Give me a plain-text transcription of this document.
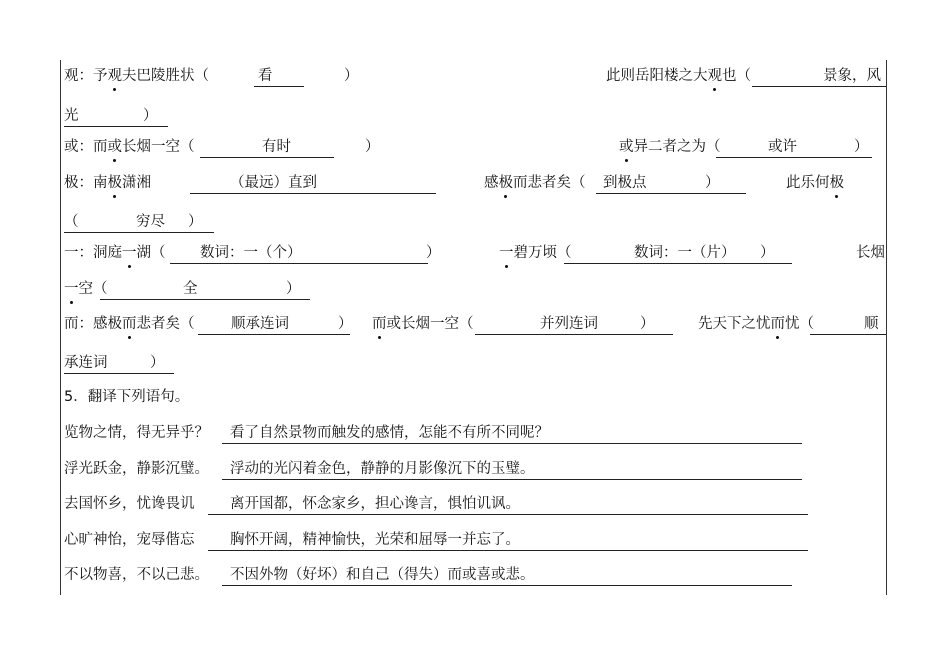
观：予观夫巴陵胜状（	看	）	此则岳阳楼之大观也（	景象，风
光	）
或：而或长烟一空（	有时	）	或异二者之为（	或许	）
极：南极潇湘	（最远）直到	感极而悲者矣（ 到极点	）	此乐何极
（	穷尽 ）
一：洞庭一湖（ 数词：一（个）	）	一碧万顷（	数词：一（片） ）	长烟
一空（	全	）
而：感极而悲者矣（	顺承连词	） 而或长烟一空（	并列连词	）	先天下之忧而忧（	顺
承连词	）
5．翻译下列语句。
览物之情，得无异乎？ 看了自然景物而触发的感情，怎能不有所不同呢？
浮光跃金，静影沉璧。 浮动的光闪着金色，静静的月影像沉下的玉璧。
去国怀乡，忧谗畏讥 离开国都，怀念家乡，担心谗言，惧怕讥讽。
心旷神怡，宠辱偕忘 胸怀开阔，精神愉快，光荣和屈辱一并忘了。
不以物喜，不以己悲。 不因外物（好坏）和自己（得失）而或喜或悲。
